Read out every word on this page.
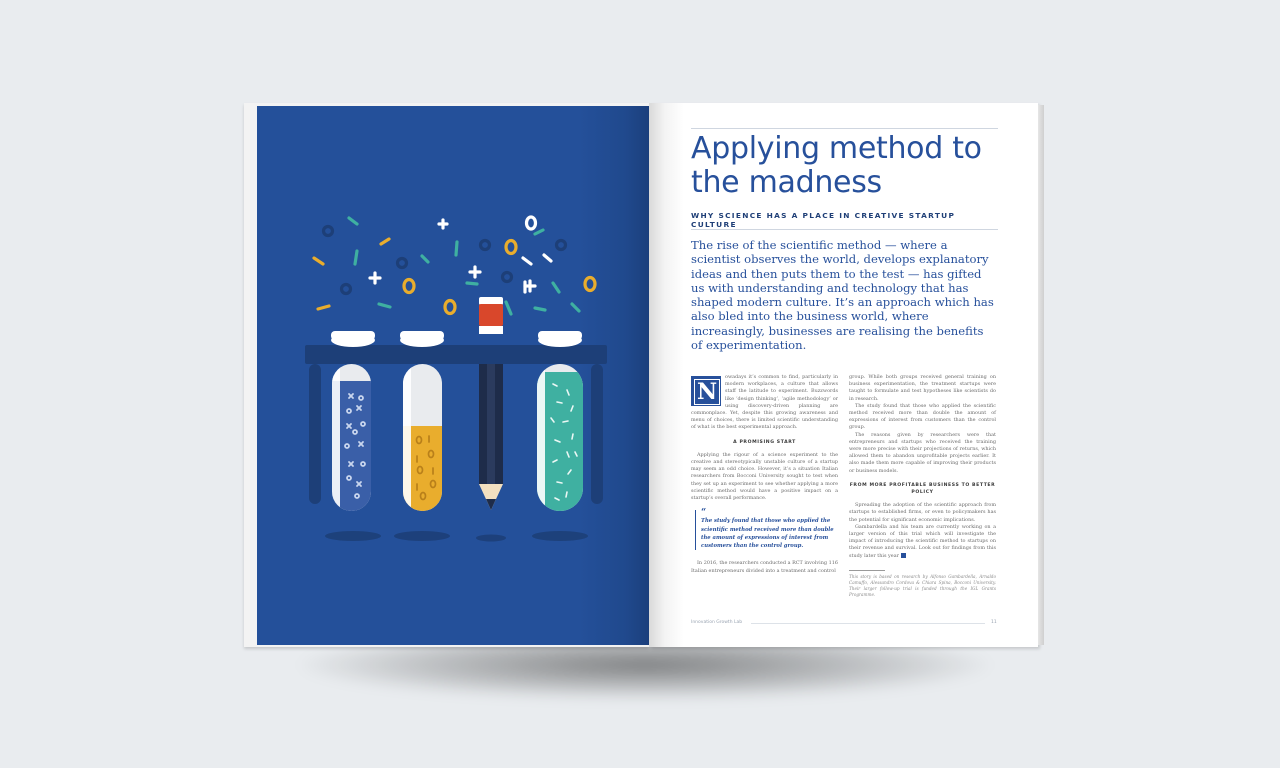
Applying method to
the madness
WHY SCIENCE HAS A PLACE IN CREATIVE STARTUP CULTURE
The rise of the scientific method — where a scientist observes the world, develops explanatory ideas and then puts them to the test — has gifted us with understanding and technology that has shaped modern culture. It’s an approach which has also bled into the business world, where increasingly, businesses are realising the benefits of experimentation.
N

owadays it’s common to find, particularly in modern workplaces, a culture that allows staff the latitude to experiment. Buzzwords like ‘design thinking’, ‘agile methodology’ or using discovery-driven planning are commonplace. Yet, despite this growing awareness and menu of choices, there is limited scientific understanding of what is the best experimental approach.

A PROMISING START

Applying the rigour of a science experiment to the creative and stereotypically unstable culture of a startup may seem an odd choice. However, it’s a situation Italian researchers from Bocconi University sought to test when they set up an experiment to see whether applying a more scientific method would have a positive impact on a startup’s overall performance.

“
The study found that those who applied the scientific method received more than double the amount of expressions of interest from customers than the control group.

In 2016, the researchers conducted a RCT involving 116 Italian entrepreneurs divided into a treatment and control

group. While both groups received general training on business experimentation, the treatment startups were taught to formulate and test hypotheses like scientists do in research.

The study found that those who applied the scientific method received more than double the amount of expressions of interest from customers than the control group.

The reasons given by researchers were that entrepreneurs and startups who received the training were more precise with their projections of returns, which allowed them to abandon unprofitable projects earlier. It also made them more capable of improving their products or business models.

FROM MORE PROFITABLE BUSINESS TO BETTER POLICY

Spreading the adoption of the scientific approach from startups to established firms, or even to policymakers has the potential for significant economic implications.

Gambardella and his team are currently working on a larger version of this trial which will investigate the impact of introducing the scientific method to startups on their revenue and survival. Look out for findings from this study later this year

This story is based on research by Alfonso Gambardella, Arnaldo Camuffo, Alessandro Cordova & Chiara Spina, Bocconi University. Their larger follow-up trial is funded through the IGL Grants Programme.

Innovation Growth Lab	11
